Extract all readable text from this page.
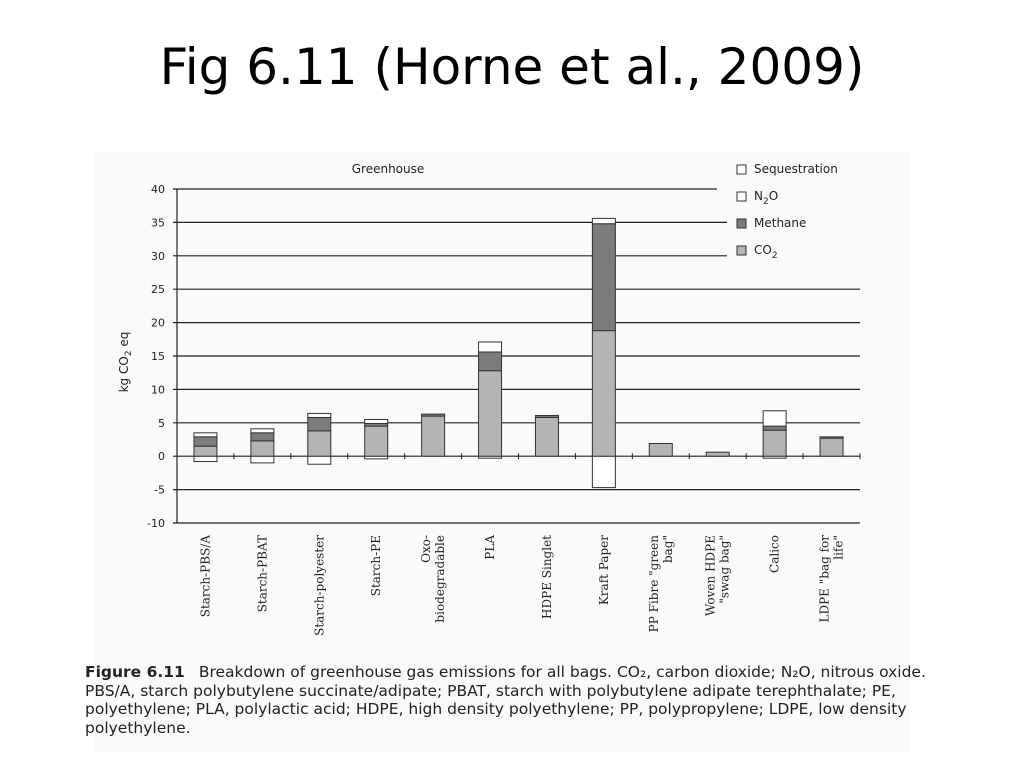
Fig 6.11 (Horne et al., 2009)
Greenhouse
40
35
30
25
20
15
10
5
0
-5
-10
kg $CO_2$ eq
Starch-PBS/A	Starch-PBAT	Starch-polyester	Starch-PE	Oxo-biodegradable	PLA	HDPE Singlet	Kraft Paper	PP Fibre "greenbag" Woven HDPE"swag bag"	Calico	LDPE "bag forlife"
Sequestration
$N_2O$
Methane
$CO_2$
Figure 6.11 Breakdown of greenhouse gas emissions for all bags. CO₂, carbon dioxide; N₂O, nitrous oxide. PBS/A, starch polybutylene succinate/adipate; PBAT, starch with polybutylene adipate terephthalate; PE, polyethylene; PLA, polylactic acid; HDPE, high density polyethylene; PP, polypropylene; LDPE, low density polyethylene.
